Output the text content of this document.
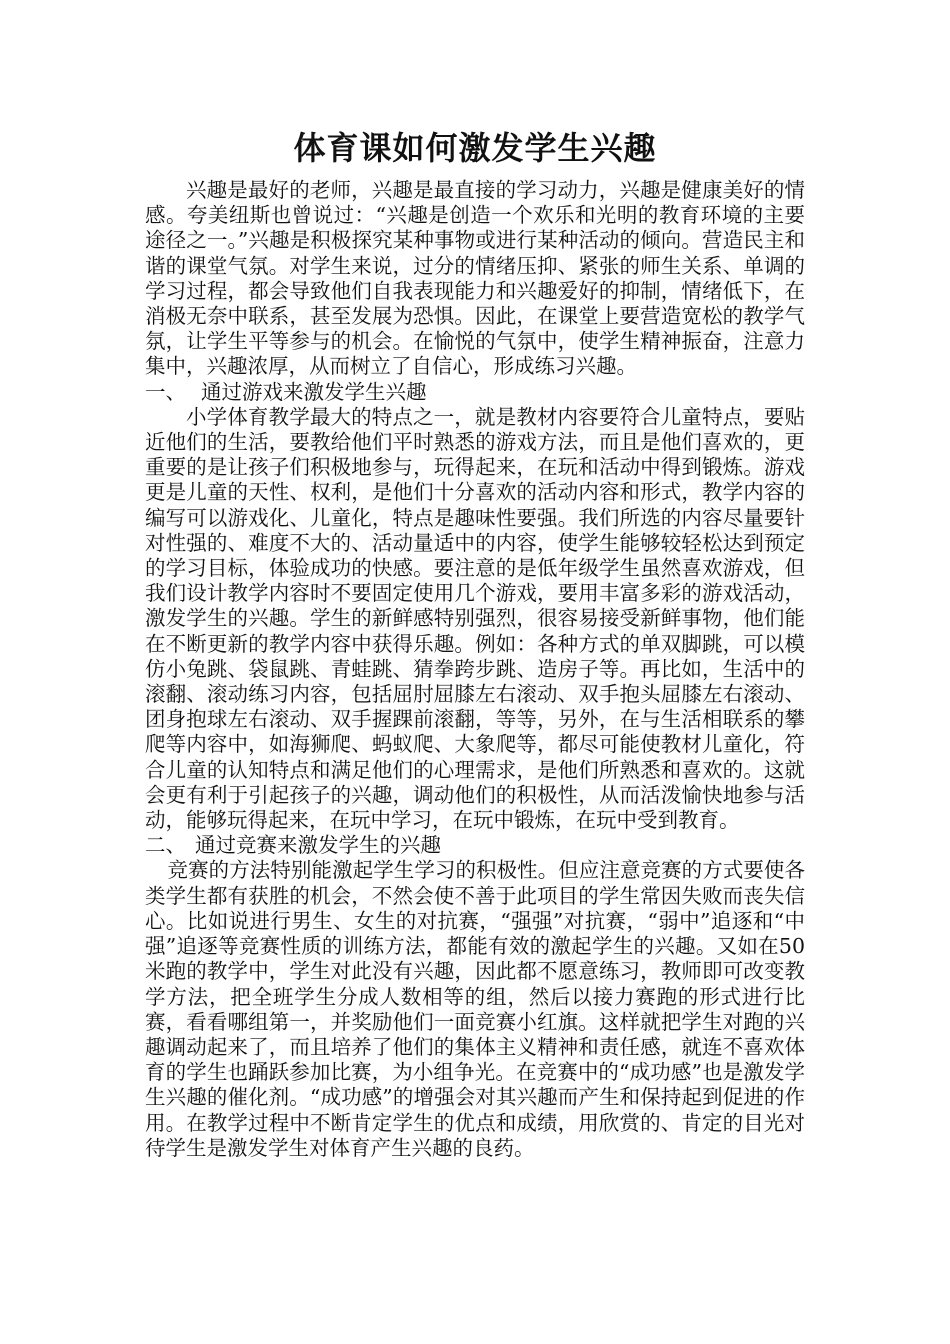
体育课如何激发学生兴趣

兴趣是最好的老师，兴趣是最直接的学习动力，兴趣是健康美好的情感。夸美纽斯也曾说过：“兴趣是创造一个欢乐和光明的教育环境的主要途径之一。”兴趣是积极探究某种事物或进行某种活动的倾向。营造民主和谐的课堂气氛。对学生来说，过分的情绪压抑、紧张的师生关系、单调的学习过程，都会导致他们自我表现能力和兴趣爱好的抑制，情绪低下，在消极无奈中联系，甚至发展为恐惧。因此，在课堂上要营造宽松的教学气氛，让学生平等参与的机会。在愉悦的气氛中，使学生精神振奋，注意力集中，兴趣浓厚，从而树立了自信心，形成练习兴趣。

一、 通过游戏来激发学生兴趣

小学体育教学最大的特点之一，就是教材内容要符合儿童特点，要贴近他们的生活，要教给他们平时熟悉的游戏方法，而且是他们喜欢的，更重要的是让孩子们积极地参与，玩得起来，在玩和活动中得到锻炼。游戏更是儿童的天性、权利，是他们十分喜欢的活动内容和形式，教学内容的编写可以游戏化、儿童化，特点是趣味性要强。我们所选的内容尽量要针对性强的、难度不大的、活动量适中的内容，使学生能够较轻松达到预定的学习目标，体验成功的快感。要注意的是低年级学生虽然喜欢游戏，但我们设计教学内容时不要固定使用几个游戏，要用丰富多彩的游戏活动，激发学生的兴趣。学生的新鲜感特别强烈，很容易接受新鲜事物，他们能在不断更新的教学内容中获得乐趣。例如：各种方式的单双脚跳，可以模仿小兔跳、袋鼠跳、青蛙跳、猜拳跨步跳、造房子等。再比如，生活中的滚翻、滚动练习内容，包括屈肘屈膝左右滚动、双手抱头屈膝左右滚动、团身抱球左右滚动、双手握踝前滚翻，等等，另外，在与生活相联系的攀爬等内容中，如海狮爬、蚂蚁爬、大象爬等，都尽可能使教材儿童化，符合儿童的认知特点和满足他们的心理需求，是他们所熟悉和喜欢的。这就会更有利于引起孩子的兴趣，调动他们的积极性，从而活泼愉快地参与活动，能够玩得起来，在玩中学习，在玩中锻炼，在玩中受到教育。

二、 通过竞赛来激发学生的兴趣

竞赛的方法特别能激起学生学习的积极性。但应注意竞赛的方式要使各类学生都有获胜的机会，不然会使不善于此项目的学生常因失败而丧失信心。比如说进行男生、女生的对抗赛，“强强”对抗赛，“弱中”追逐和“中强”追逐等竞赛性质的训练方法，都能有效的激起学生的兴趣。又如在50米跑的教学中，学生对此没有兴趣，因此都不愿意练习，教师即可改变教学方法，把全班学生分成人数相等的组，然后以接力赛跑的形式进行比赛，看看哪组第一，并奖励他们一面竞赛小红旗。这样就把学生对跑的兴趣调动起来了，而且培养了他们的集体主义精神和责任感，就连不喜欢体育的学生也踊跃参加比赛，为小组争光。在竞赛中的“成功感”也是激发学生兴趣的催化剂。“成功感”的增强会对其兴趣而产生和保持起到促进的作用。在教学过程中不断肯定学生的优点和成绩，用欣赏的、肯定的目光对待学生是激发学生对体育产生兴趣的良药。
